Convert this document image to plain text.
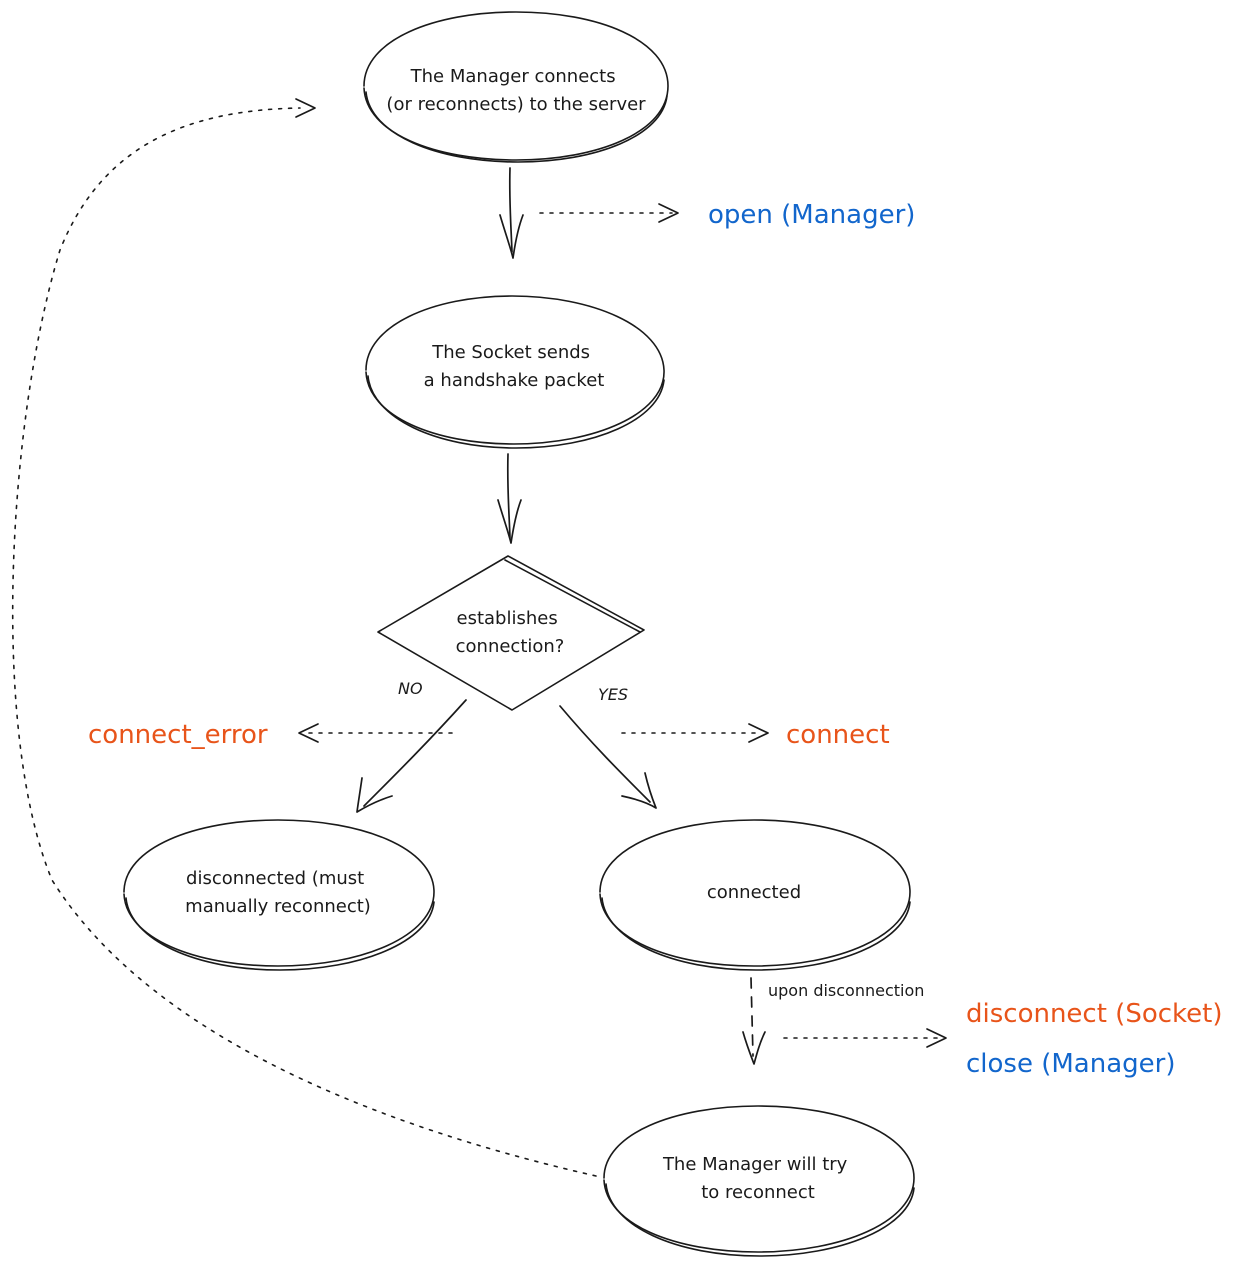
The Manager connects (or reconnects) to the server
open (Manager)
The Socket sends a handshake packet
establishes connection?
NO	YES
connect_error	connect
disconnected (must manually reconnect)
connected
upon disconnection
disconnect (Socket)
close (Manager)
The Manager will try to reconnect
